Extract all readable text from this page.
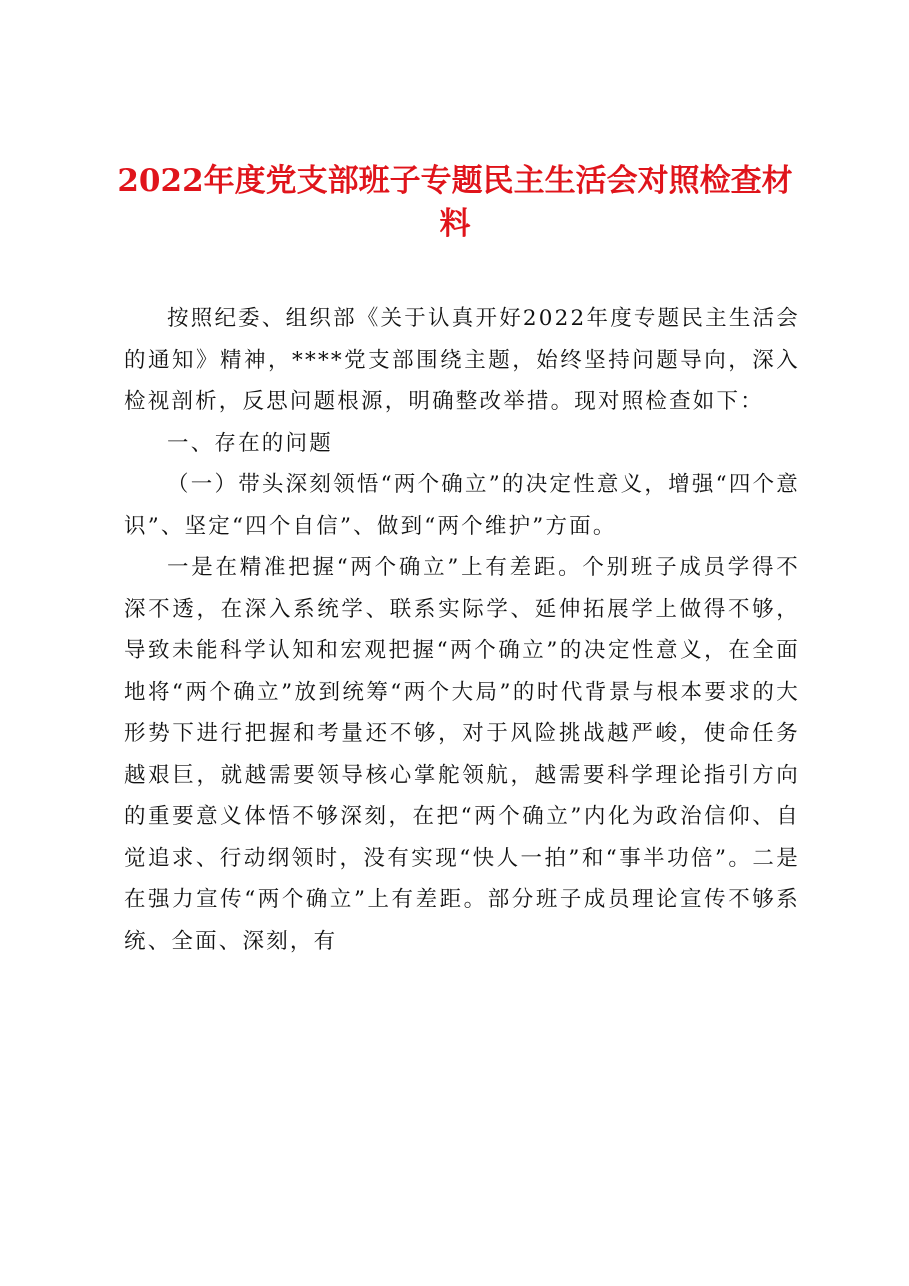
2022年度党支部班子专题民主生活会对照检查材料

按照纪委、组织部《关于认真开好2022年度专题民主生活会的通知》精神，****党支部围绕主题，始终坚持问题导向，深入检视剖析，反思问题根源，明确整改举措。现对照检查如下：

一、存在的问题

（一）带头深刻领悟“两个确立”的决定性意义，增强“四个意识”、坚定“四个自信”、做到“两个维护”方面。

一是在精准把握“两个确立”上有差距。个别班子成员学得不深不透，在深入系统学、联系实际学、延伸拓展学上做得不够，导致未能科学认知和宏观把握“两个确立”的决定性意义，在全面地将“两个确立”放到统筹“两个大局”的时代背景与根本要求的大形势下进行把握和考量还不够，对于风险挑战越严峻，使命任务越艰巨，就越需要领导核心掌舵领航，越需要科学理论指引方向的重要意义体悟不够深刻，在把“两个确立”内化为政治信仰、自觉追求、行动纲领时，没有实现“快人一拍”和“事半功倍”。二是在强力宣传“两个确立”上有差距。部分班子成员理论宣传不够系统、全面、深刻，有
